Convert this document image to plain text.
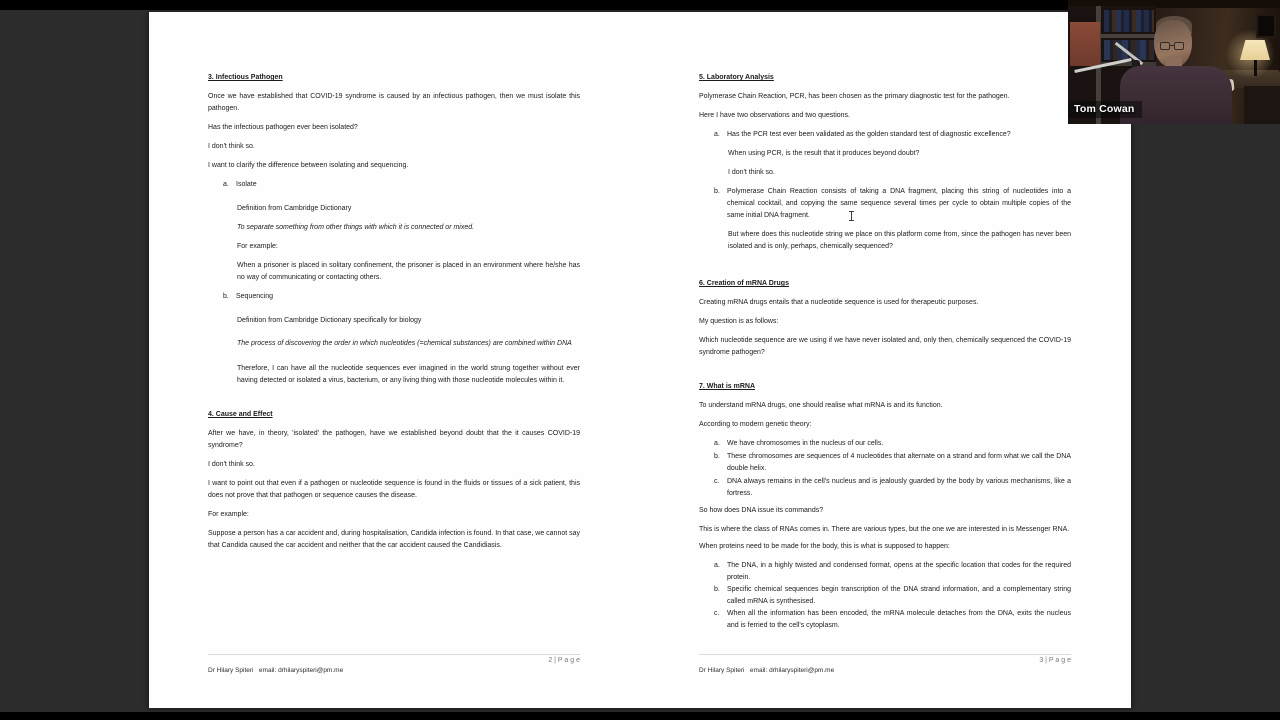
3. Infectious Pathogen
Once we have established that COVID-19 syndrome is caused by an infectious pathogen, then we must isolate this pathogen.
Has the infectious pathogen ever been isolated?
I don't think so.
I want to clarify the difference between isolating and sequencing.
a.	Isolate
Definition from Cambridge Dictionary
To separate something from other things with which it is connected or mixed.
For example:
When a prisoner is placed in solitary confinement, the prisoner is placed in an environment where he/she has no way of communicating or contacting others.
b.	Sequencing
Definition from Cambridge Dictionary specifically for biology
The process of discovering the order in which nucleotides (=chemical substances) are combined within DNA
Therefore, I can have all the nucleotide sequences ever imagined in the world strung together without ever having detected or isolated a virus, bacterium, or any living thing with those nucleotide molecules within it.
4. Cause and Effect
After we have, in theory, 'isolated' the pathogen, have we established beyond doubt that the it causes COVID-19 syndrome?
I don't think so.
I want to point out that even if a pathogen or nucleotide sequence is found in the fluids or tissues of a sick patient, this does not prove that that pathogen or sequence causes the disease.
For example:
Suppose a person has a car accident and, during hospitalisation, Candida infection is found. In that case, we cannot say that Candida caused the car accident and neither that the car accident caused the Candidiasis.
2 | P a g e
Dr Hilary Spiteri   email: drhilaryspiteri@pm.me
5. Laboratory Analysis
Polymerase Chain Reaction, PCR, has been chosen as the primary diagnostic test for the pathogen.
Here I have two observations and two questions.
a.	Has the PCR test ever been validated as the golden standard test of diagnostic excellence?
When using PCR, is the result that it produces beyond doubt?
I don't think so.
b.	Polymerase Chain Reaction consists of taking a DNA fragment, placing this string of nucleotides into a chemical cocktail, and copying the same sequence several times per cycle to obtain multiple copies of the same initial DNA fragment.
But where does this nucleotide string we place on this platform come from, since the pathogen has never been isolated and is only, perhaps, chemically sequenced?
6. Creation of mRNA Drugs
Creating mRNA drugs entails that a nucleotide sequence is used for therapeutic purposes.
My question is as follows:
Which nucleotide sequence are we using if we have never isolated and, only then, chemically sequenced the COVID-19 syndrome pathogen?
7. What is mRNA
To understand mRNA drugs, one should realise what mRNA is and its function.
According to modern genetic theory:
a.	We have chromosomes in the nucleus of our cells.
b.	These chromosomes are sequences of 4 nucleotides that alternate on a strand and form what we call the DNA double helix.
c.	DNA always remains in the cell's nucleus and is jealously guarded by the body by various mechanisms, like a fortress.
So how does DNA issue its commands?
This is where the class of RNAs comes in. There are various types, but the one we are interested in is Messenger RNA.
When proteins need to be made for the body, this is what is supposed to happen:
a.	The DNA, in a highly twisted and condensed format, opens at the specific location that codes for the required protein.
b.	Specific chemical sequences begin transcription of the DNA strand information, and a complementary string called mRNA is synthesised.
c.	When all the information has been encoded, the mRNA molecule detaches from the DNA, exits the nucleus and is ferried to the cell's cytoplasm.
3 | P a g e
Dr Hilary Spiteri   email: drhilaryspiteri@pm.me
Tom Cowan
